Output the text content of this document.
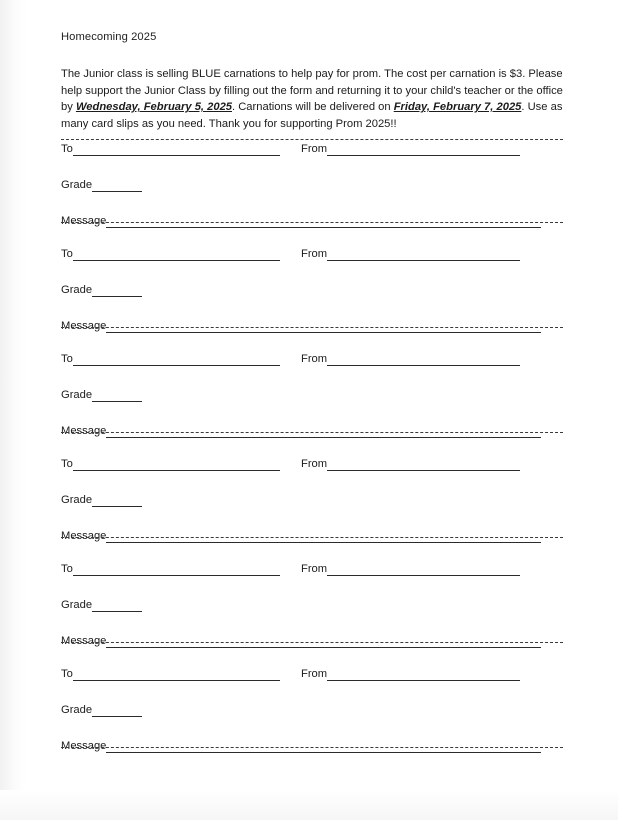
Homecoming 2025
The Junior class is selling BLUE carnations to help pay for prom. The cost per carnation is $3. Please help support the Junior Class by filling out the form and returning it to your child's teacher or the office by Wednesday, February 5, 2025. Carnations will be delivered on Friday, February 7, 2025. Use as many card slips as you need. Thank you for supporting Prom 2025!!
To	From
Grade
Message
To	From
Grade
Message
To	From
Grade
Message
To	From
Grade
Message
To	From
Grade
Message
To	From
Grade
Message
